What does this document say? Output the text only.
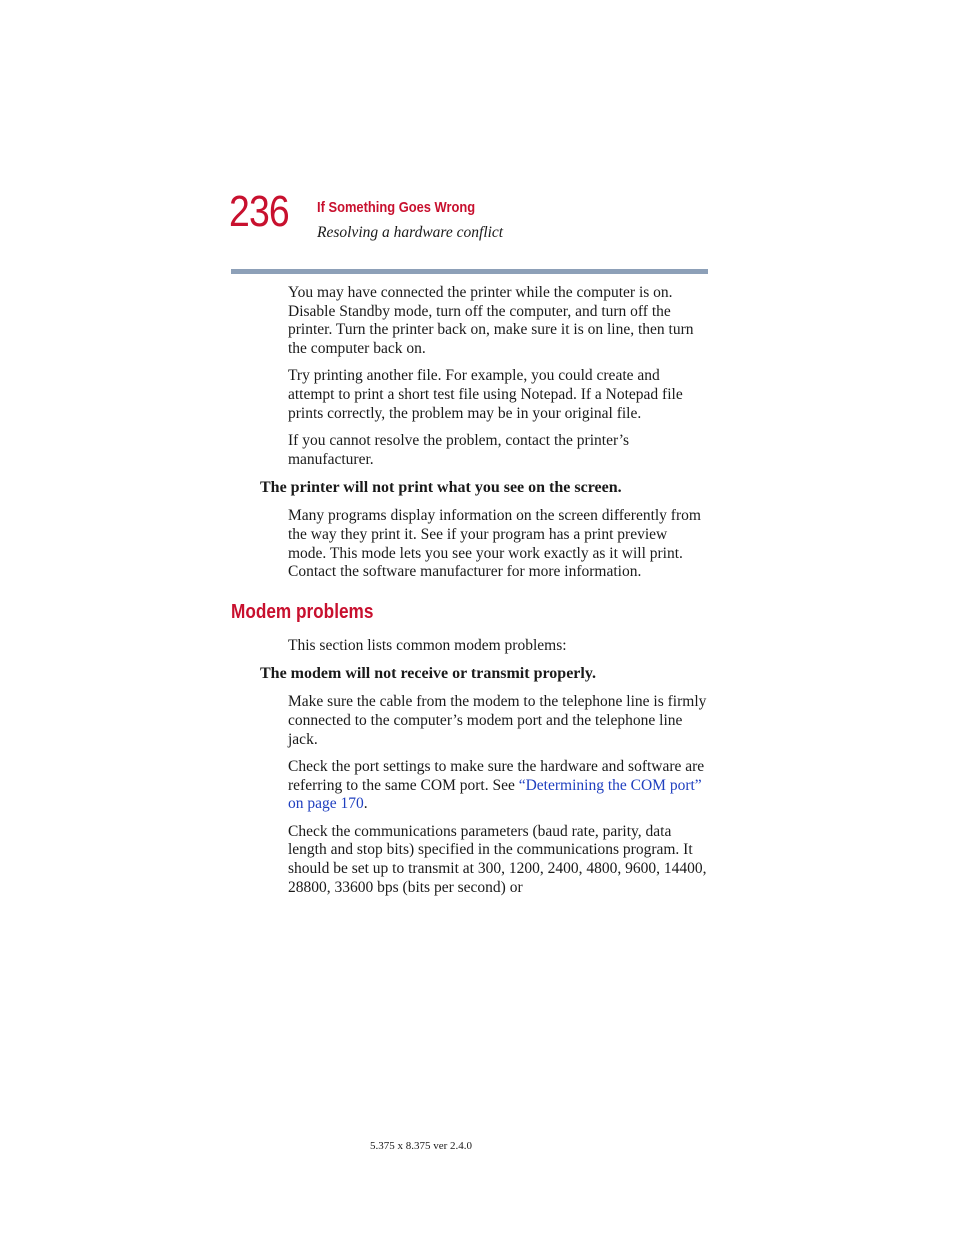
236 If Something Goes Wrong
Resolving a hardware conflict

You may have connected the printer while the computer is on. Disable Standby mode, turn off the computer, and turn off the printer. Turn the printer back on, make sure it is on line, then turn the computer back on.

Try printing another file. For example, you could create and attempt to print a short test file using Notepad. If a Notepad file prints correctly, the problem may be in your original file.

If you cannot resolve the problem, contact the printer’s manufacturer.

The printer will not print what you see on the screen.

Many programs display information on the screen differently from the way they print it. See if your program has a print preview mode. This mode lets you see your work exactly as it will print. Contact the software manufacturer for more information.

Modem problems

This section lists common modem problems:

The modem will not receive or transmit properly.

Make sure the cable from the modem to the telephone line is firmly connected to the computer’s modem port and the telephone line jack.

Check the port settings to make sure the hardware and software are referring to the same COM port. See “Determining the COM port” on page 170.

Check the communications parameters (baud rate, parity, data length and stop bits) specified in the communications program. It should be set up to transmit at 300, 1200, 2400, 4800, 9600, 14400, 28800, 33600 bps (bits per second) or

5.375 x 8.375 ver 2.4.0
